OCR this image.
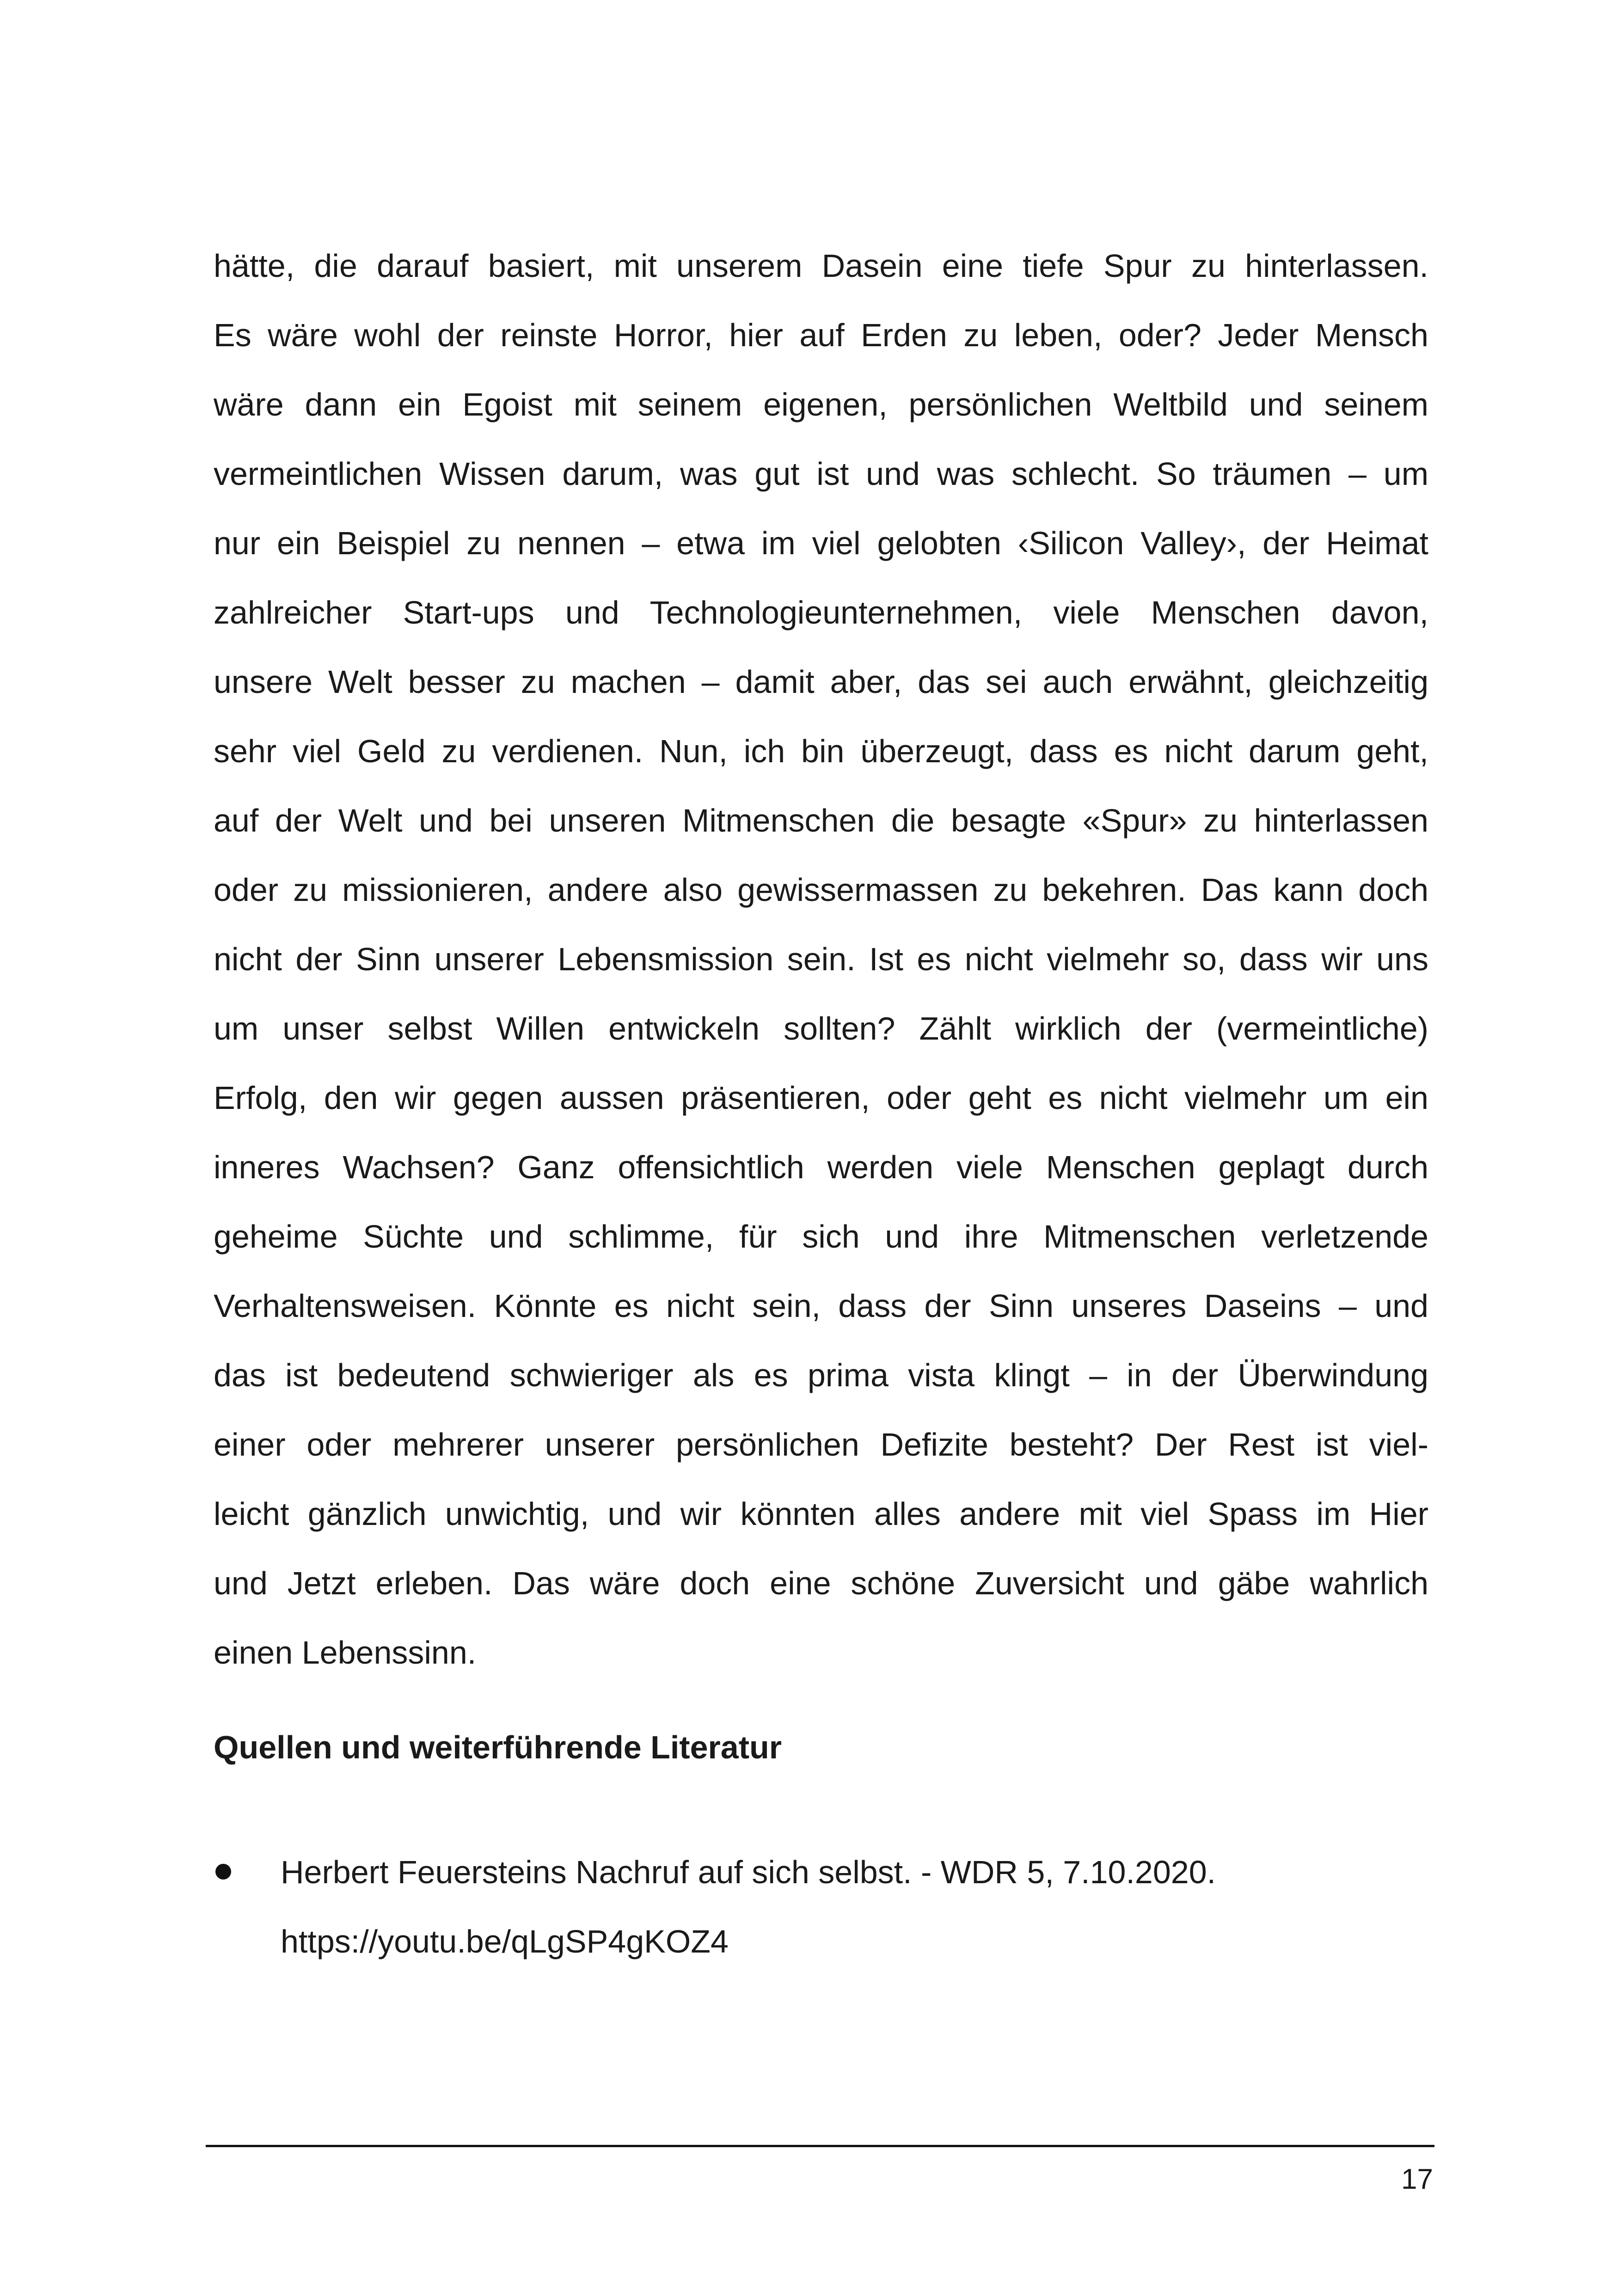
hätte, die darauf basiert, mit unserem Dasein eine tiefe Spur zu hinterlassen.
Es wäre wohl der reinste Horror, hier auf Erden zu leben, oder? Jeder Mensch
wäre dann ein Egoist mit seinem eigenen, persönlichen Weltbild und seinem
vermeintlichen Wissen darum, was gut ist und was schlecht. So träumen – um
nur ein Beispiel zu nennen – etwa im viel gelobten ‹Silicon Valley›, der Heimat
zahlreicher Start-ups und Technologieunternehmen, viele Menschen davon,
unsere Welt besser zu machen – damit aber, das sei auch erwähnt, gleichzeitig
sehr viel Geld zu verdienen. Nun, ich bin überzeugt, dass es nicht darum geht,
auf der Welt und bei unseren Mitmenschen die besagte «Spur» zu hinterlassen
oder zu missionieren, andere also gewissermassen zu bekehren. Das kann doch
nicht der Sinn unserer Lebensmission sein. Ist es nicht vielmehr so, dass wir uns
um unser selbst Willen entwickeln sollten? Zählt wirklich der (vermeintliche)
Erfolg, den wir gegen aussen präsentieren, oder geht es nicht vielmehr um ein
inneres Wachsen? Ganz offensichtlich werden viele Menschen geplagt durch
geheime Süchte und schlimme, für sich und ihre Mitmenschen verletzende
Verhaltensweisen. Könnte es nicht sein, dass der Sinn unseres Daseins – und
das ist bedeutend schwieriger als es prima vista klingt – in der Überwindung
einer oder mehrerer unserer persönlichen Defizite besteht? Der Rest ist viel-
leicht gänzlich unwichtig, und wir könnten alles andere mit viel Spass im Hier
und Jetzt erleben. Das wäre doch eine schöne Zuversicht und gäbe wahrlich
einen Lebenssinn.

Quellen und weiterführende Literatur
Herbert Feuersteins Nachruf auf sich selbst. - WDR 5, 7.10.2020.
https://youtu.be/qLgSP4gKOZ4
17
